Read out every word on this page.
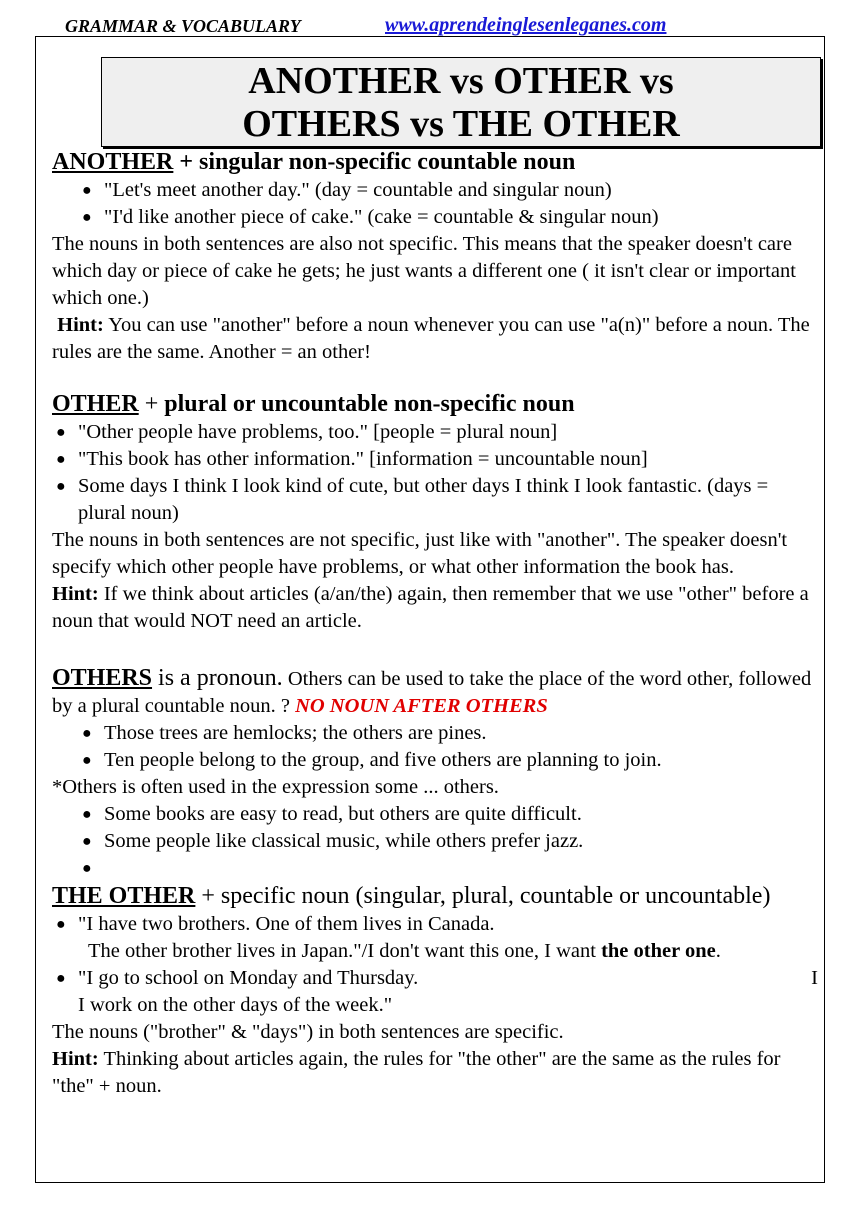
GRAMMAR & VOCABULARY	www.aprendeinglesenleganes.com
ANOTHER vs OTHER vs
OTHERS vs THE OTHER
ANOTHER + singular non-specific countable noun
● "Let's meet another day." (day = countable and singular noun)
● "I'd like another piece of cake." (cake = countable & singular noun)

The nouns in both sentences are also not specific. This means that the speaker doesn't care which day or piece of cake he gets; he just wants a different one ( it isn't clear or important which one.)

Hint: You can use "another" before a noun whenever you can use "a(n)" before a noun. The rules are the same. Another = an other!

OTHER + plural or uncountable non-specific noun
● "Other people have problems, too." [people = plural noun]
● "This book has other information." [information = uncountable noun]
● Some days I think I look kind of cute, but other days I think I look fantastic. (days = plural noun)

The nouns in both sentences are not specific, just like with "another". The speaker doesn't specify which other people have problems, or what other information the book has.

Hint: If we think about articles (a/an/the) again, then remember that we use "other" before a noun that would NOT need an article.

OTHERS is a pronoun. Others can be used to take the place of the word other, followed by a plural countable noun. ? NO NOUN AFTER OTHERS

● Those trees are hemlocks; the others are pines.
● Ten people belong to the group, and five others are planning to join.

*Others is often used in the expression some ... others.

● Some books are easy to read, but others are quite difficult.
● Some people like classical music, while others prefer jazz.
●

THE OTHER + specific noun (singular, plural, countable or uncountable)

● "I have two brothers. One of them lives in Canada.
The other brother lives in Japan."/I don't want this one, I want the other one.
● "I go to school on Monday and Thursday.	I

I work on the other days of the week."

The nouns ("brother" & "days") in both sentences are specific.

Hint: Thinking about articles again, the rules for "the other" are the same as the rules for "the" + noun.
